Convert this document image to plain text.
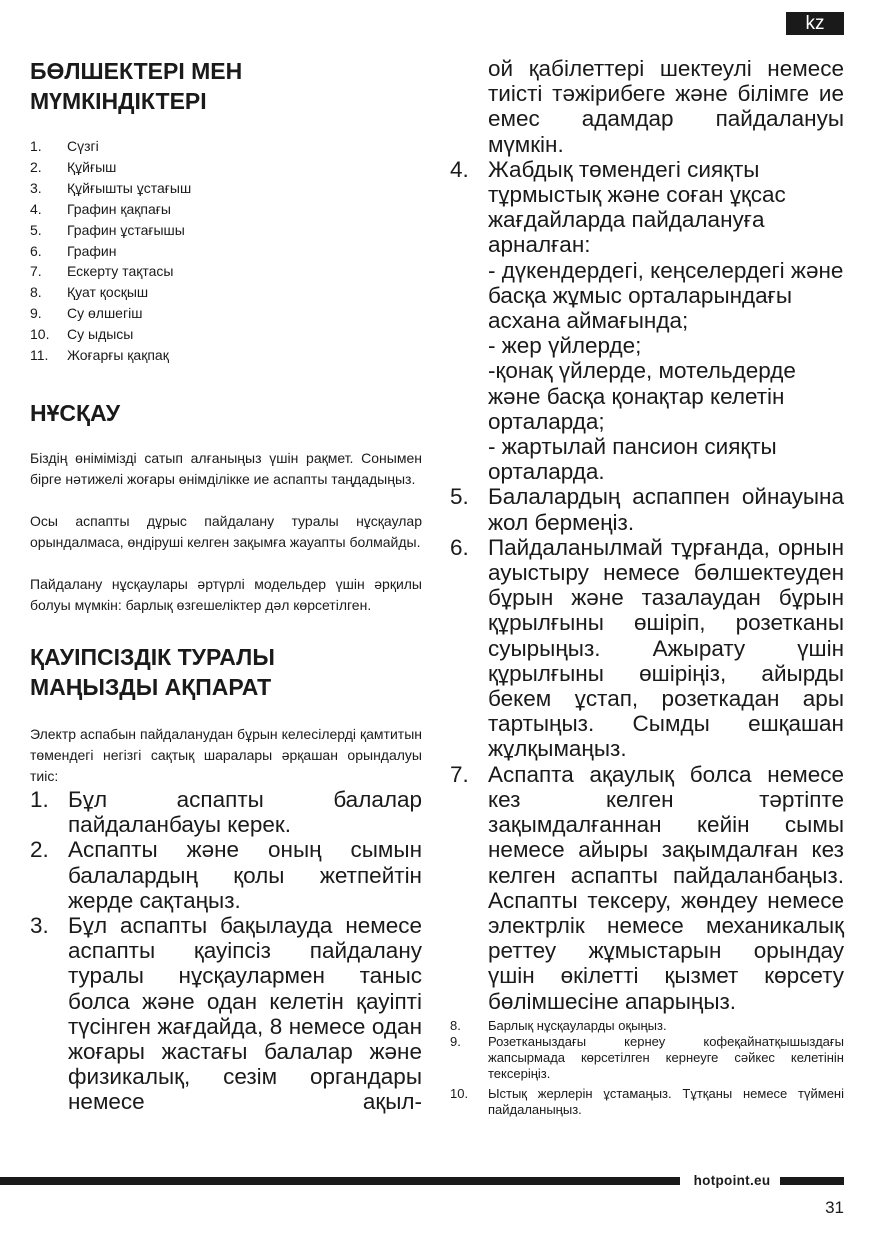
kz
БӨЛШЕКТЕРІ МЕН МҮМКІНДІКТЕРІ
1.	Сүзгі
2.	Құйғыш
3.	Құйғышты ұстағыш
4.	Графин қақпағы
5.	Графин ұстағышы
6.	Графин
7.	Ескерту тақтасы
8.	Қуат қосқыш
9.	Су өлшегіш
10.	Су ыдысы
11.	Жоғарғы қақпақ
НҰСҚАУ

Біздің өнімімізді сатып алғаныңыз үшін рақмет. Сонымен бірге нәтижелі жоғары өнімділікке ие аспапты таңдадыңыз.

Осы аспапты дұрыс пайдалану туралы нұсқаулар орындалмаса, өндіруші келген зақымға жауапты болмайды.

Пайдалану нұсқаулары әртүрлі модельдер үшін әрқилы болуы мүмкін: барлық өзгешеліктер дәл көрсетілген.

ҚАУІПСІЗДІК ТУРАЛЫ МАҢЫЗДЫ АҚПАРАТ

Электр аспабын пайдаланудан бұрын келесілерді қамтитын төмендегі негізгі сақтық шаралары әрқашан орындалуы тиіс:

1. Бұл аспапты балалар пайдаланбауы керек.
2. Аспапты және оның сымын балалардың қолы жетпейтін жерде сақтаңыз.
3. Бұл аспапты бақылауда немесе аспапты қауіпсіз пайдалану туралы нұсқаулармен таныс болса және одан келетін қауіпті түсінген жағдайда, 8 немесе одан жоғары жастағы балалар және физикалық, сезім органдары немесе ақыл-
ой қабілеттері шектеулі немесе тиісті тәжірибеге және білімге ие емес адамдар пайдалануы мүмкін.
4. Жабдық төмендегі сияқты тұрмыстық және соған ұқсас жағдайларда пайдалануға арналған:
- дүкендердегі, кеңселердегі және басқа жұмыс орталарындағы асхана аймағында;
- жер үйлерде;
-қонақ үйлерде, мотельдерде және басқа қонақтар келетін орталарда;
- жартылай пансион сияқты орталарда.
5. Балалардың аспаппен ойнауына жол бермеңіз.
6. Пайдаланылмай тұрғанда, орнын ауыстыру немесе бөлшектеуден бұрын және тазалаудан бұрын құрылғыны өшіріп, розетканы суырыңыз. Ажырату үшін құрылғыны өшіріңіз, айырды бекем ұстап, розеткадан ары тартыңыз. Сымды ешқашан жұлқымаңыз.
7. Аспапта ақаулық болса немесе кез келген тәртіпте зақымдалғаннан кейін сымы немесе айыры зақымдалған кез келген аспапты пайдаланбаңыз. Аспапты тексеру, жөндеу немесе электрлік немесе механикалық реттеу жұмыстарын орындау үшін өкілетті қызмет көрсету бөлімшесіне апарыңыз.
8.	Барлық нұсқауларды оқыңыз.
9.	Розетканыздағы кернеу кофеқайнатқышыздағы жапсырмада көрсетілген кернеуге сәйкес келетінін тексеріңіз.
10.	Ыстық жерлерін ұстамаңыз. Тұтқаны немесе түймені пайдаланыңыз.
hotpoint.eu
31
